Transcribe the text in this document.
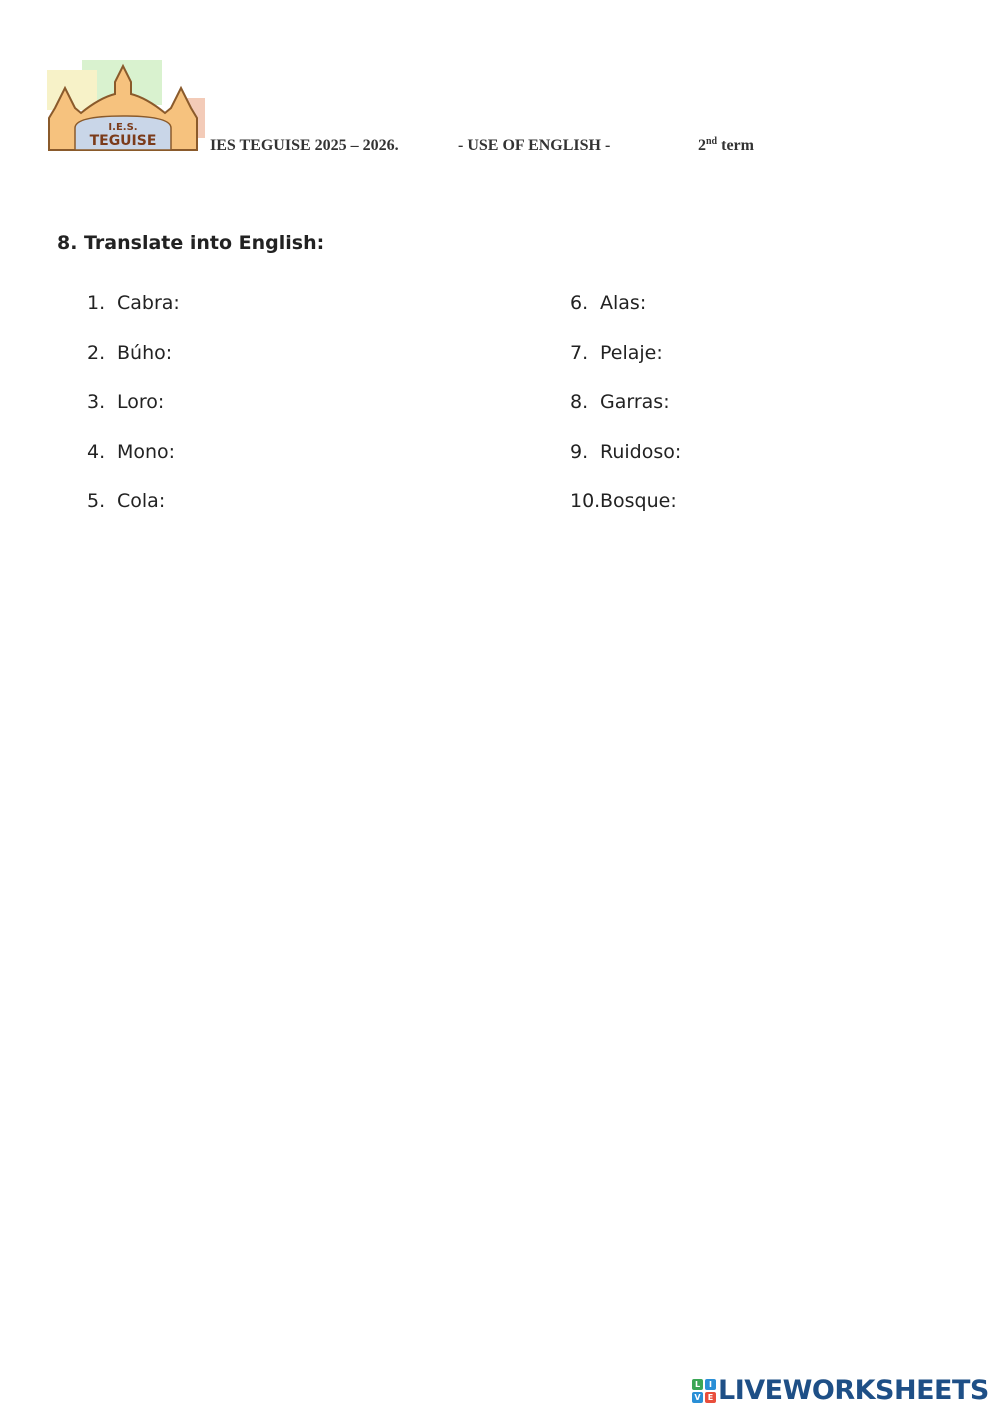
I.E.S.
TEGUISE	IES TEGUISE 2025 – 2026.	- USE OF ENGLISH -	2nd term
8. Translate into English:
1. Cabra:
2. Búho:
3. Loro:
4. Mono:
5. Cola:
6. Alas:
7. Pelaje:
8. Garras:
9. Ruidoso:
10.Bosque:
L	I
V E LIVEWORKSHEETS
